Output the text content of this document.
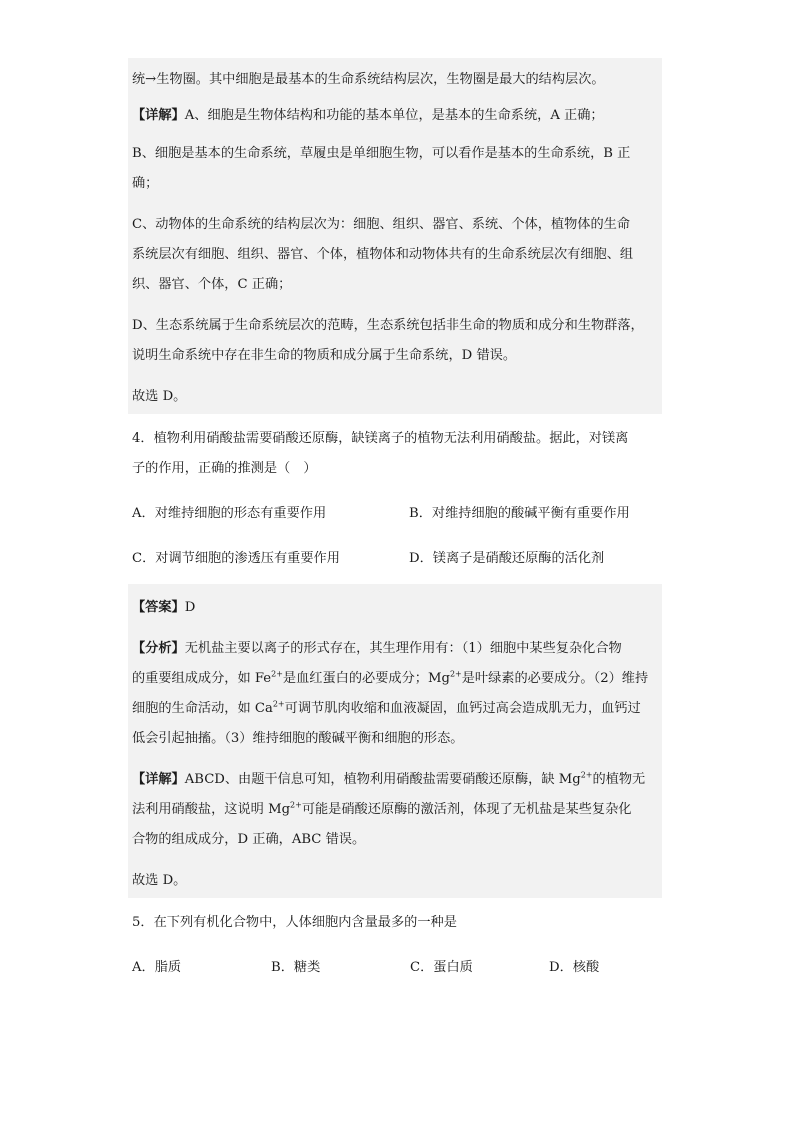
统→生物圈。其中细胞是最基本的生命系统结构层次，生物圈是最大的结构层次。

【详解】A、细胞是生物体结构和功能的基本单位，是基本的生命系统，A 正确；

B、细胞是基本的生命系统，草履虫是单细胞生物，可以看作是基本的生命系统，B 正

确；

C、动物体的生命系统的结构层次为：细胞、组织、器官、系统、个体，植物体的生命

系统层次有细胞、组织、器官、个体，植物体和动物体共有的生命系统层次有细胞、组

织、器官、个体，C 正确；

D、生态系统属于生命系统层次的范畴，生态系统包括非生命的物质和成分和生物群落，

说明生命系统中存在非生命的物质和成分属于生命系统，D 错误。

故选 D。

4．植物利用硝酸盐需要硝酸还原酶，缺镁离子的植物无法利用硝酸盐。据此，对镁离

子的作用，正确的推测是（　）

A．对维持细胞的形态有重要作用	B．对维持细胞的酸碱平衡有重要作用
C．对调节细胞的渗透压有重要作用	D．镁离子是硝酸还原酶的活化剂

【答案】D

【分析】无机盐主要以离子的形式存在，其生理作用有：（1）细胞中某些复杂化合物

的重要组成成分，如 $Fe^{2+}$是血红蛋白的必要成分；$Mg^{2+}$是叶绿素的必要成分。（2）维持

细胞的生命活动，如 $Ca^{2+}$可调节肌肉收缩和血液凝固，血钙过高会造成肌无力，血钙过

低会引起抽搐。（3）维持细胞的酸碱平衡和细胞的形态。

【详解】ABCD、由题干信息可知，植物利用硝酸盐需要硝酸还原酶，缺 $Mg^{2+}$的植物无

法利用硝酸盐，这说明 $Mg^{2+}$可能是硝酸还原酶的激活剂，体现了无机盐是某些复杂化

合物的组成成分，D 正确，ABC 错误。

故选 D。

5．在下列有机化合物中，人体细胞内含量最多的一种是

A．脂质	B．糖类	C．蛋白质	D．核酸
